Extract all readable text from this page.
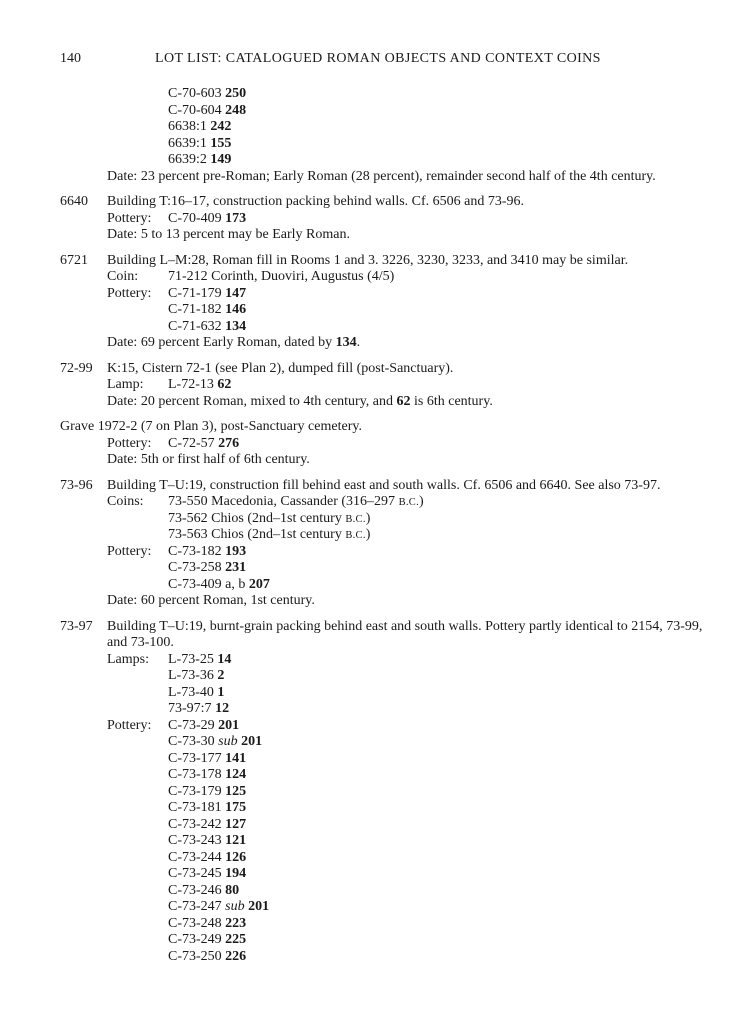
140	LOT LIST: CATALOGUED ROMAN OBJECTS AND CONTEXT COINS
C-70-603 250
C-70-604 248
6638:1 242
6639:1 155
6639:2 149
Date: 23 percent pre-Roman; Early Roman (28 percent), remainder second half of the 4th century.
6640 Building T:16–17, construction packing behind walls. Cf. 6506 and 73-96.
Pottery:	C-70-409 173
Date: 5 to 13 percent may be Early Roman.
6721 Building L–M:28, Roman fill in Rooms 1 and 3. 3226, 3230, 3233, and 3410 may be similar.
Coin:	71-212 Corinth, Duoviri, Augustus (4/5)
Pottery:	C-71-179 147
C-71-182 146
C-71-632 134
Date: 69 percent Early Roman, dated by 134.
72-99 K:15, Cistern 72-1 (see Plan 2), dumped fill (post-Sanctuary).
Lamp:	L-72-13 62
Date: 20 percent Roman, mixed to 4th century, and 62 is 6th century.
Grave 1972-2 (7 on Plan 3), post-Sanctuary cemetery.
Pottery:	C-72-57 276
Date: 5th or first half of 6th century.
73-96 Building T–U:19, construction fill behind east and south walls. Cf. 6506 and 6640. See also 73-97.
Coins:	73-550 Macedonia, Cassander (316–297 B.C.)
73-562 Chios (2nd–1st century B.C.)
73-563 Chios (2nd–1st century B.C.)
Pottery:	C-73-182 193
C-73-258 231
C-73-409 a, b 207
Date: 60 percent Roman, 1st century.
73-97 Building T–U:19, burnt-grain packing behind east and south walls. Pottery partly identical to 2154, 73-99,
and 73-100.
Lamps:	L-73-25 14
L-73-36 2
L-73-40 1
73-97:7 12
Pottery:	C-73-29 201
C-73-30 sub 201
C-73-177 141
C-73-178 124
C-73-179 125
C-73-181 175
C-73-242 127
C-73-243 121
C-73-244 126
C-73-245 194
C-73-246 80
C-73-247 sub 201
C-73-248 223
C-73-249 225
C-73-250 226
